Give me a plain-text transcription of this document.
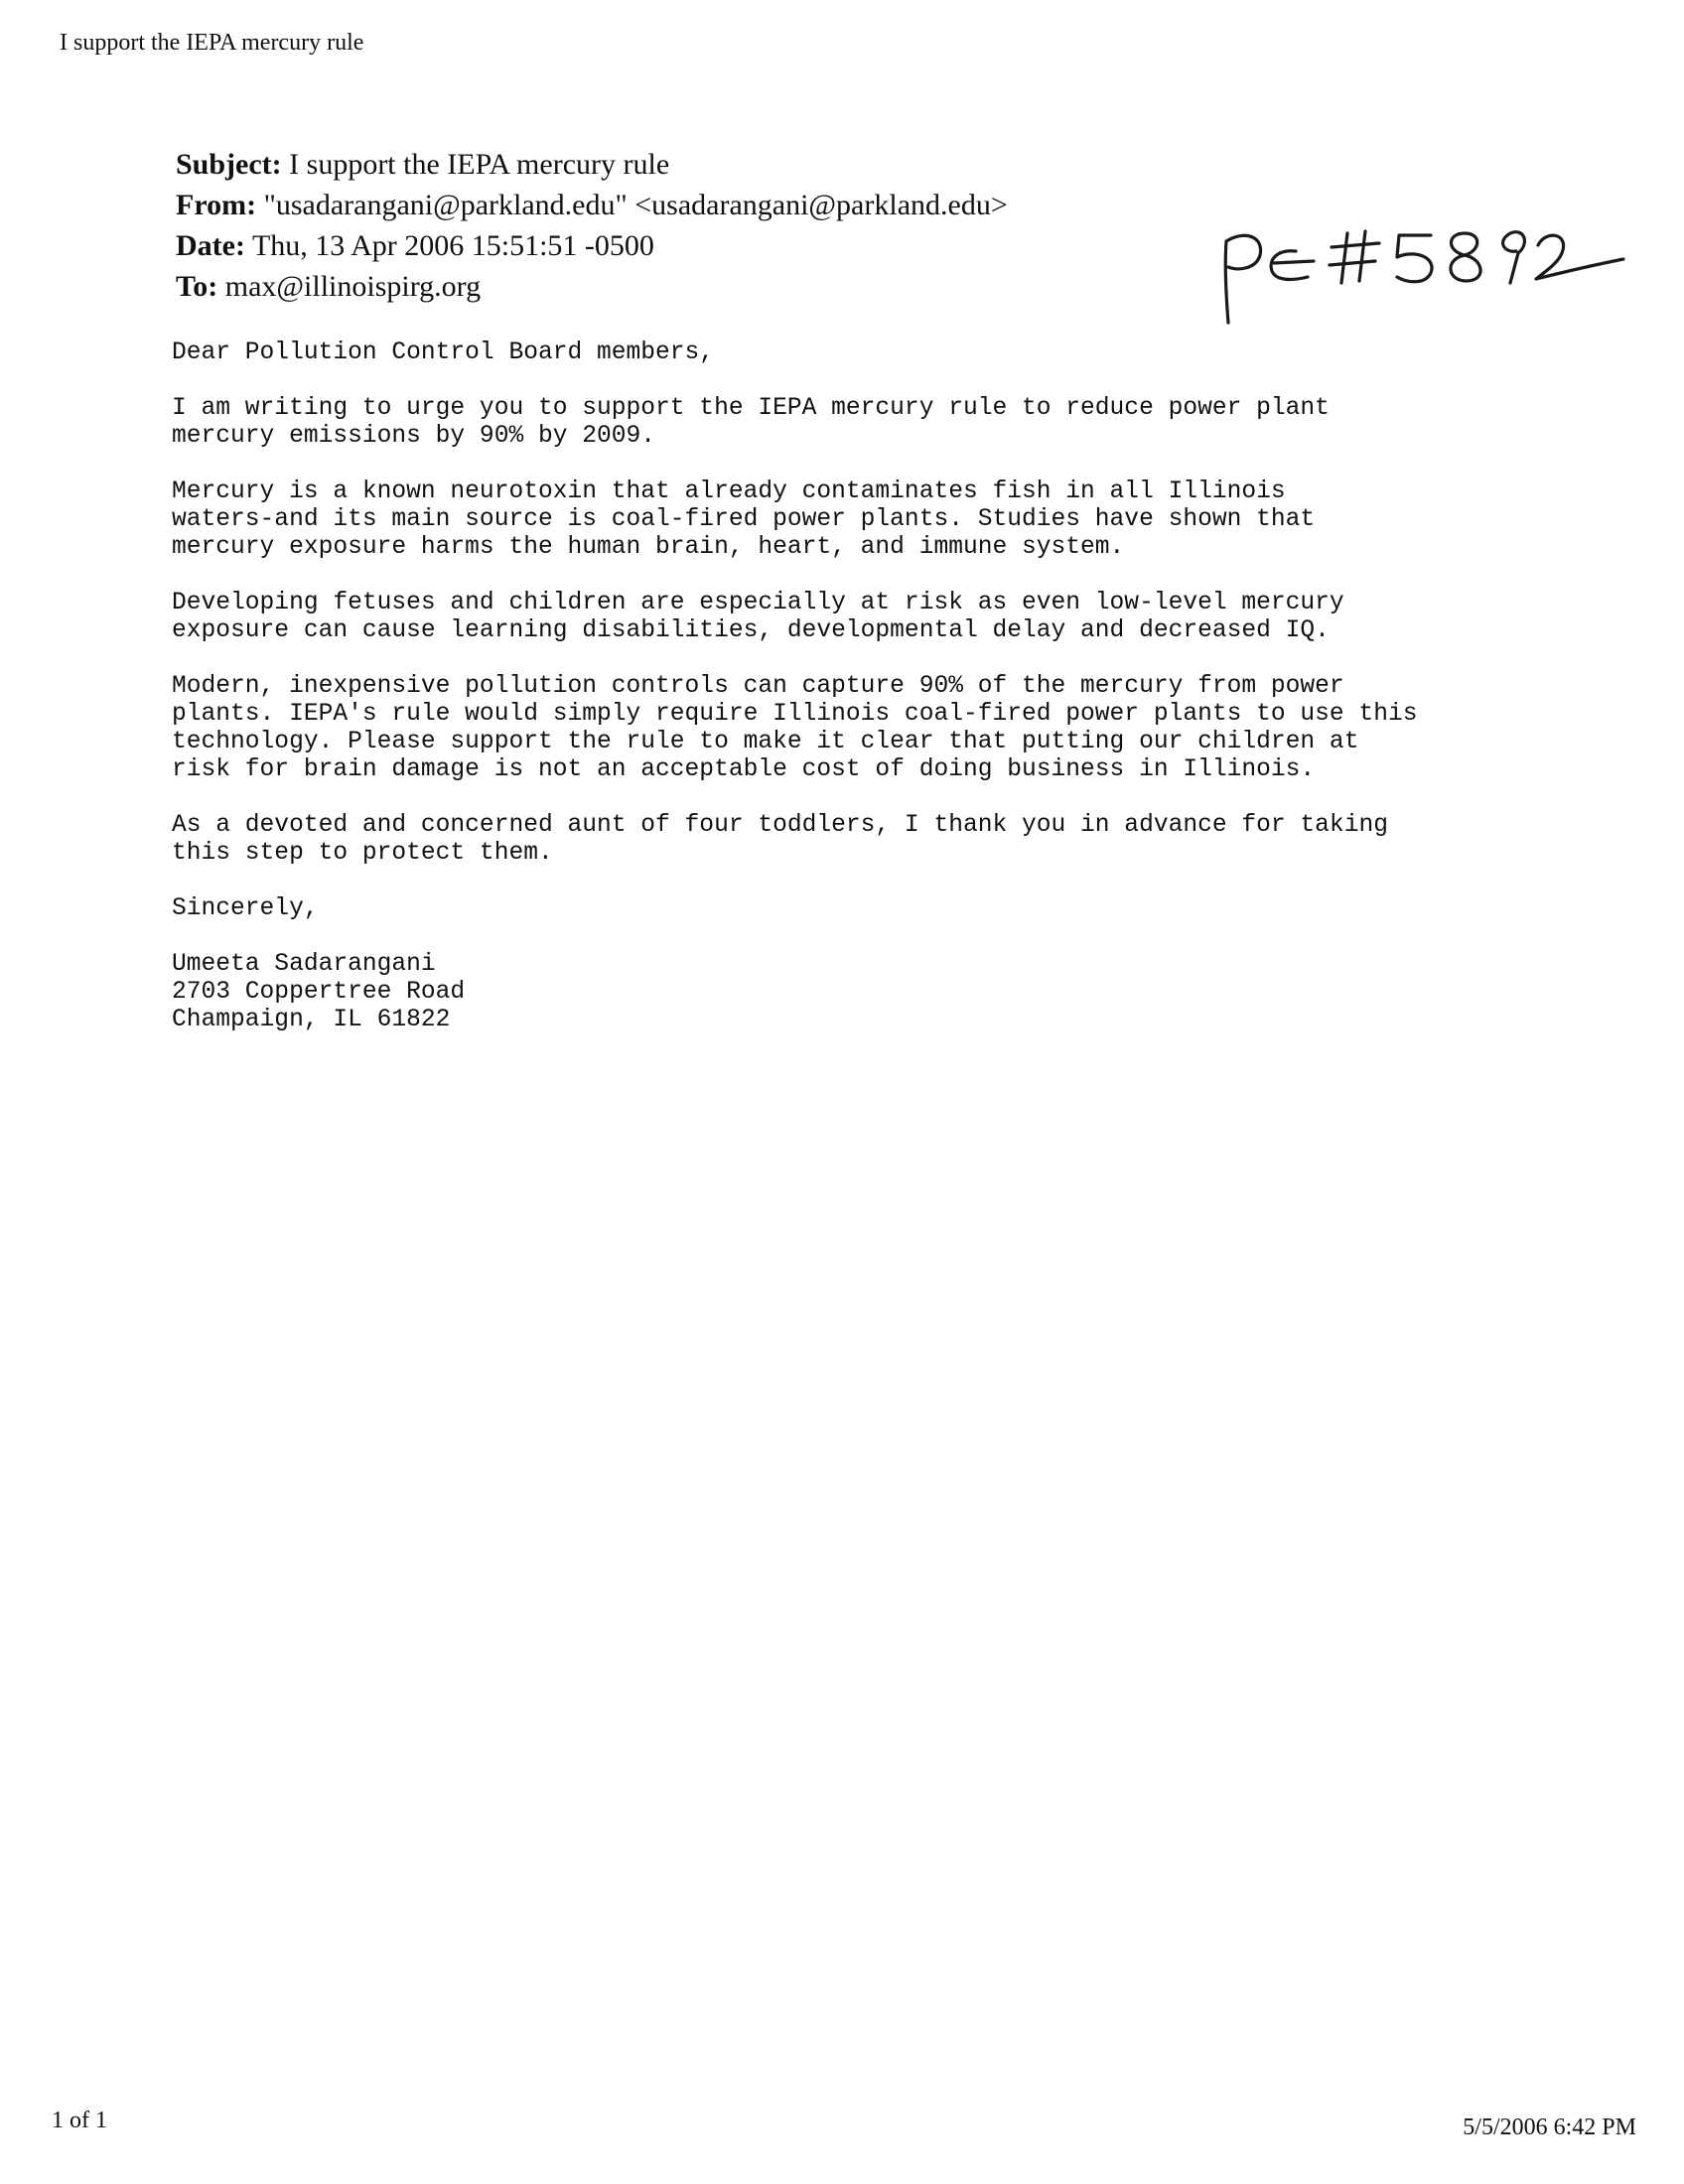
I support the IEPA mercury rule
Subject: I support the IEPA mercury rule
From: "usadarangani@parkland.edu" <usadarangani@parkland.edu>
Date: Thu, 13 Apr 2006 15:51:51 -0500
To: max@illinoispirg.org

Dear Pollution Control Board members,

I am writing to urge you to support the IEPA mercury rule to reduce power plant
mercury emissions by 90% by 2009.

Mercury is a known neurotoxin that already contaminates fish in all Illinois
waters-and its main source is coal-fired power plants. Studies have shown that
mercury exposure harms the human brain, heart, and immune system.

Developing fetuses and children are especially at risk as even low-level mercury
exposure can cause learning disabilities, developmental delay and decreased IQ.

Modern, inexpensive pollution controls can capture 90% of the mercury from power
plants. IEPA's rule would simply require Illinois coal-fired power plants to use this
technology. Please support the rule to make it clear that putting our children at
risk for brain damage is not an acceptable cost of doing business in Illinois.

As a devoted and concerned aunt of four toddlers, I thank you in advance for taking
this step to protect them.

Sincerely,

Umeeta Sadarangani

2703 Coppertree Road

Champaign, IL 61822

1 of 1	5/5/2006 6:42 PM
